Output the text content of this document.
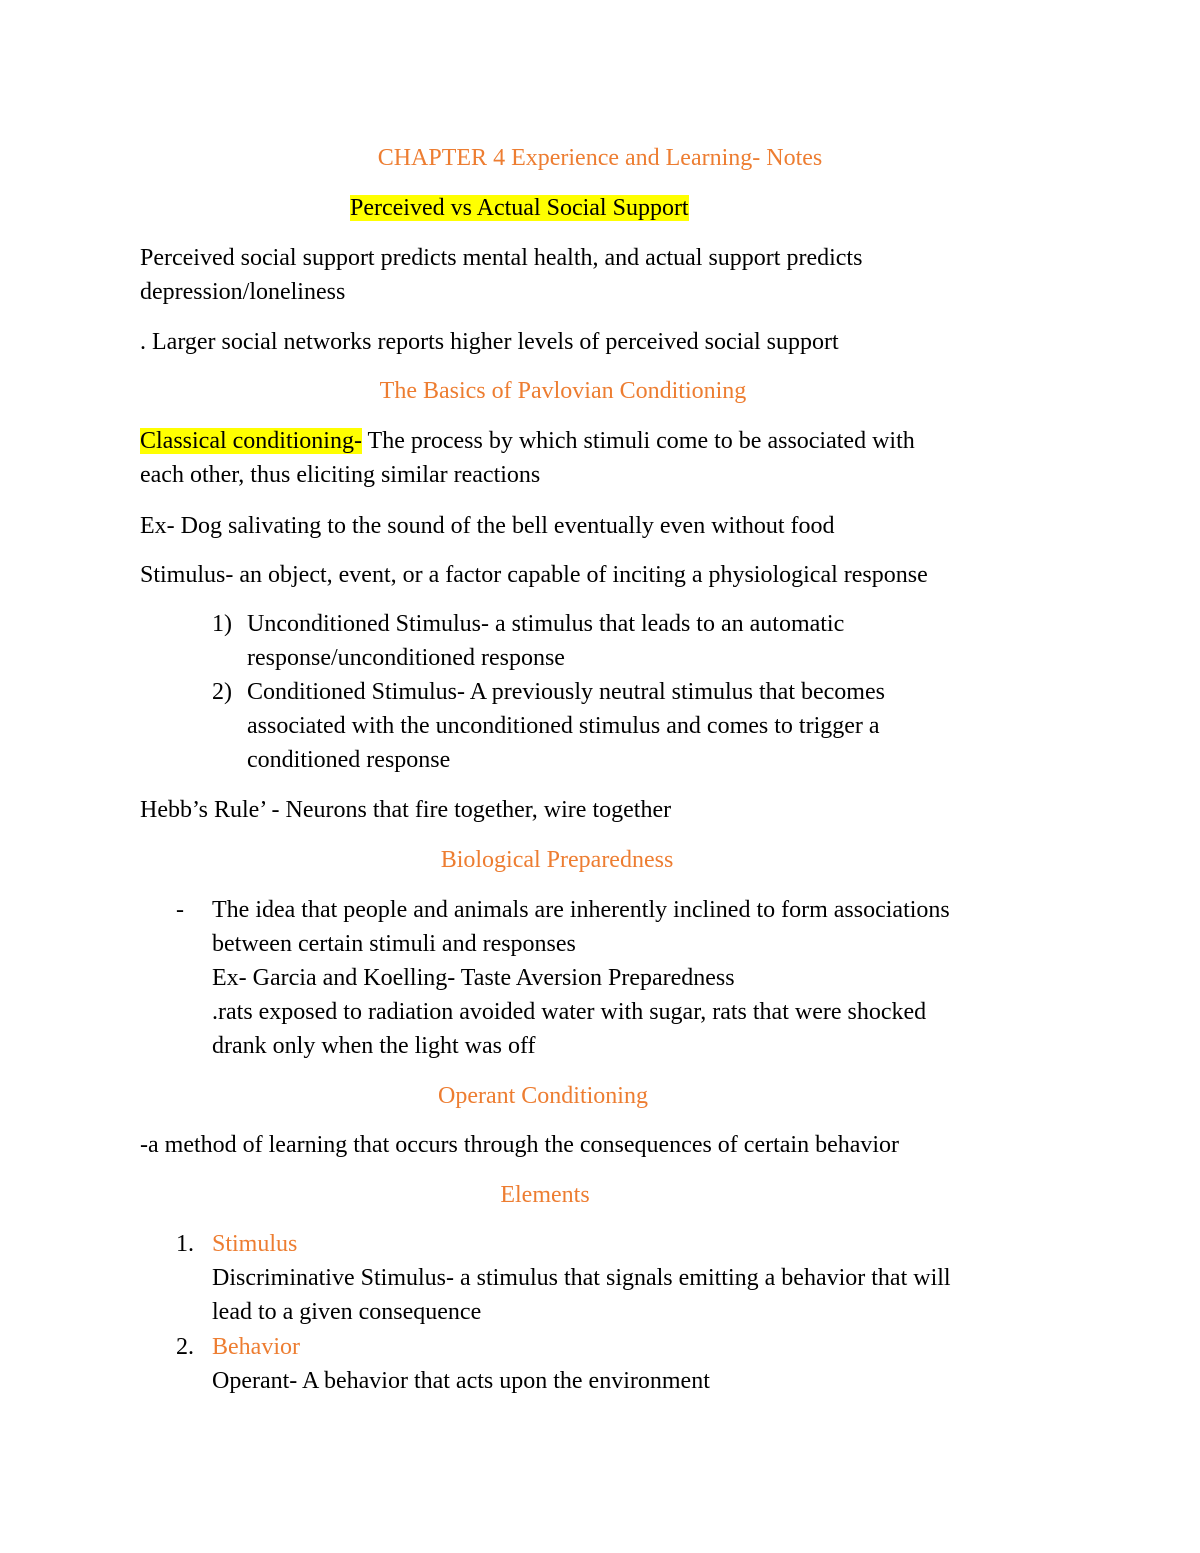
CHAPTER 4 Experience and Learning- Notes
Perceived vs Actual Social Support
Perceived social support predicts mental health, and actual support predicts
depression/loneliness
. Larger social networks reports higher levels of perceived social support
The Basics of Pavlovian Conditioning
Classical conditioning- The process by which stimuli come to be associated with
each other, thus eliciting similar reactions
Ex- Dog salivating to the sound of the bell eventually even without food
Stimulus- an object, event, or a factor capable of inciting a physiological response
1) Unconditioned Stimulus- a stimulus that leads to an automatic
response/unconditioned response
2) Conditioned Stimulus- A previously neutral stimulus that becomes
associated with the unconditioned stimulus and comes to trigger a
conditioned response
Hebb’s Rule’ - Neurons that fire together, wire together
Biological Preparedness
- The idea that people and animals are inherently inclined to form associations
between certain stimuli and responses
Ex- Garcia and Koelling- Taste Aversion Preparedness
.rats exposed to radiation avoided water with sugar, rats that were shocked
drank only when the light was off
Operant Conditioning
-a method of learning that occurs through the consequences of certain behavior
Elements
1. Stimulus
Discriminative Stimulus- a stimulus that signals emitting a behavior that will
lead to a given consequence
2. Behavior
Operant- A behavior that acts upon the environment
